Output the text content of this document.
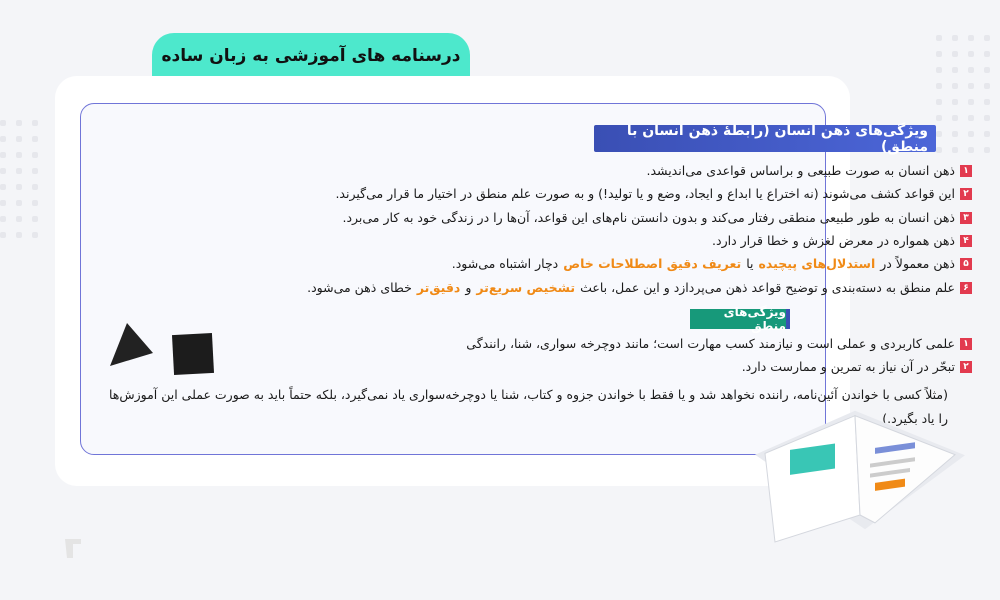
درسنامه های آموزشی به زبان ساده
ویژگی‌های ذهن انسان (رابطهٔ ذهن انسان با منطق)
۱
ذهن انسان به صورت طبیعی و براساس قواعدی می‌اندیشد.
۲
این قواعد کشف می‌شوند (نه اختراع یا ابداع و ایجاد، وضع و یا تولید!) و به صورت علم منطق در اختیار ما قرار می‌گیرند.
۳
ذهن انسان به طور طبیعی منطقی رفتار می‌کند و بدون دانستن نام‌های این قواعد، آن‌ها را در زندگی خود به کار می‌برد.
۴
ذهن همواره در معرض لغزش و خطا قرار دارد.
۵
ذهن معمولاً در
استدلال‌های پیچیده
یا
تعریف دقیق اصطلاحات خاص
دچار اشتباه می‌شود.
۶
علم منطق به دسته‌بندی و توضیح قواعد ذهن می‌پردازد و این عمل، باعث
تشخیص سریع‌تر
و
دقیق‌تر
خطای ذهن می‌شود.
ویژگی‌های منطق
۱
علمی کاربردی و عملی است و نیازمند کسب مهارت است؛ مانند دوچرخه سواری، شنا، رانندگی
۲
تبحّر در آن نیاز به تمرین و ممارست دارد.
(مثلاً کسی با خواندن آئین‌نامه، راننده نخواهد شد و یا فقط با خواندن جزوه و کتاب، شنا یا دوچرخه‌سواری یاد نمی‌گیرد، بلکه حتماً باید به صورت عملی این آموزش‌ها را یاد بگیرد.)
